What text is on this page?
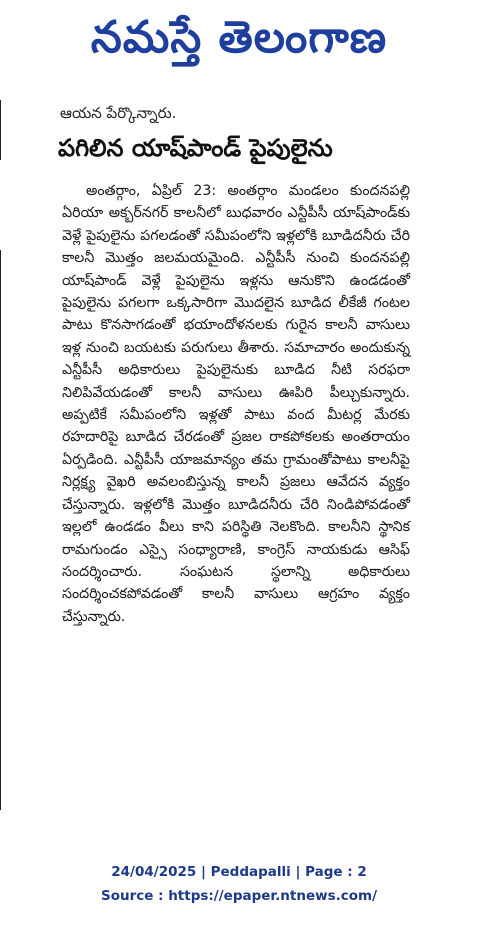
నమస్తే తెలంగాణ
ఆయన పేర్కొన్నారు.
పగిలిన యాష్‌పాండ్ పైపులైను

అంతర్గాం, ఏప్రిల్ 23: అంతర్గాం మండలం కుందనపల్లి ఏరియా అక్బర్‌నగర్ కాలనీలో బుధవారం ఎన్టీపీసీ యాష్‌పాండ్‌కు వెళ్లే పైపులైను పగలడంతో సమీపంలోని ఇళ్లలోకి బూడిదనీరు చేరి కాలనీ మొత్తం జలమయమైంది. ఎన్టీపీసీ నుంచి కుందనపల్లి యాష్‌పాండ్ వెళ్లే పైపులైను ఇళ్లను ఆనుకొని ఉండడంతో పైపులైను పగలగా ఒక్కసారిగా మొదలైన బూడిద లీకేజీ గంటల పాటు కొనసాగడంతో భయాందోళనలకు గురైన కాలనీ వాసులు ఇళ్ల నుంచి బయటకు పరుగులు తీశారు. సమాచారం అందుకున్న ఎన్టీపీసీ అధికారులు పైపులైనుకు బూడిద నీటి సరఫరా నిలిపివేయడంతో కాలనీ వాసులు ఊపిరి పీల్చుకున్నారు. అప్పటికే సమీపంలోని ఇళ్లతో పాటు వంద మీటర్ల మేరకు రహదారిపై బూడిద చేరడంతో ప్రజల రాకపోకలకు అంతరాయం ఏర్పడింది. ఎన్టీపీసీ యాజమాన్యం తమ గ్రామంతోపాటు కాలనీపై నిర్లక్ష్య వైఖరి అవలంబిస్తున్న కాలనీ ప్రజలు ఆవేదన వ్యక్తం చేస్తున్నారు. ఇళ్లలోకి మొత్తం బూడిదనీరు చేరి నిండిపోవడంతో ఇల్లలో ఉండడం వీలు కాని పరిస్థితి నెలకొంది. కాలనీని స్థానిక రామగుండం ఎస్సై సంధ్యారాణి, కాంగ్రెస్ నాయకుడు ఆసిఫ్ సందర్శించారు. సంఘటన స్థలాన్ని అధికారులు సందర్శించకపోవడంతో కాలనీ వాసులు ఆగ్రహం వ్యక్తం చేస్తున్నారు.

24/04/2025 | Peddapalli | Page : 2
Source : https://epaper.ntnews.com/
